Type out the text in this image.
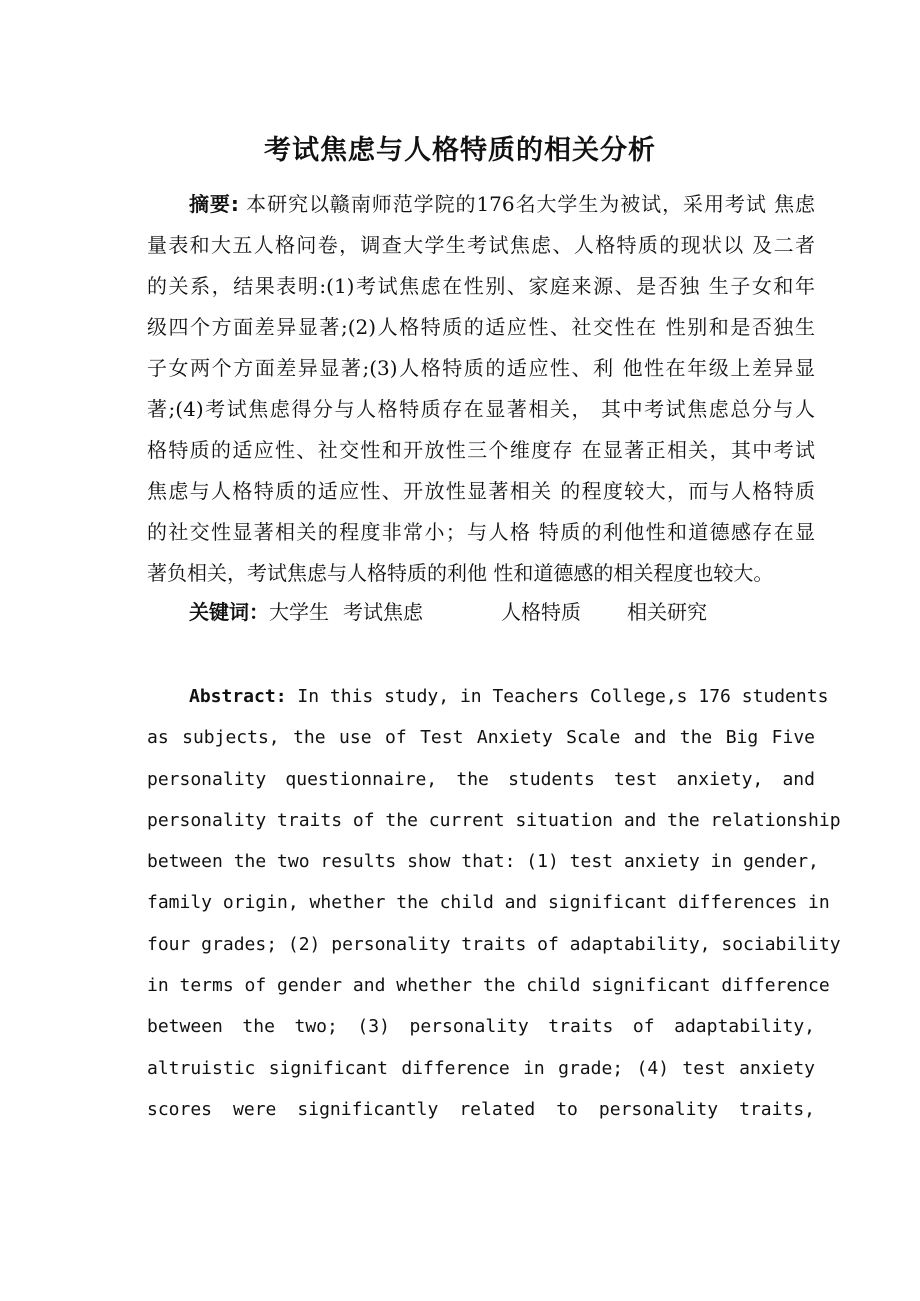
考试焦虑与人格特质的相关分析
摘要: 本研究以赣南师范学院的176名大学生为被试，采用考试 焦虑
量表和大五人格问卷，调查大学生考试焦虑、人格特质的现状以 及二者
的关系，结果表明:(1)考试焦虑在性别、家庭来源、是否独 生子女和年
级四个方面差异显著;(2)人格特质的适应性、社交性在 性别和是否独生
子女两个方面差异显著;(3)人格特质的适应性、利 他性在年级上差异显
著;(4)考试焦虑得分与人格特质存在显著相关， 其中考试焦虑总分与人
格特质的适应性、社交性和开放性三个维度存 在显著正相关，其中考试
焦虑与人格特质的适应性、开放性显著相关 的程度较大，而与人格特质
的社交性显著相关的程度非常小；与人格 特质的利他性和道德感存在显
著负相关，考试焦虑与人格特质的利他 性和道德感的相关程度也较大。
关键词：大学生 考试焦虑	人格特质 相关研究
Abstract: In this study, in Teachers College,s 176 students
as subjects, the use of Test Anxiety Scale and the Big Five
personality questionnaire, the students test anxiety, and
personality traits of the current situation and the relationship
between the two results show that: (1) test anxiety in gender,
family origin, whether the child and significant differences in
four grades; (2) personality traits of adaptability, sociability
in terms of gender and whether the child significant difference
between the two; (3) personality traits of adaptability,
altruistic significant difference in grade; (4) test anxiety
scores were significantly related to personality traits,
